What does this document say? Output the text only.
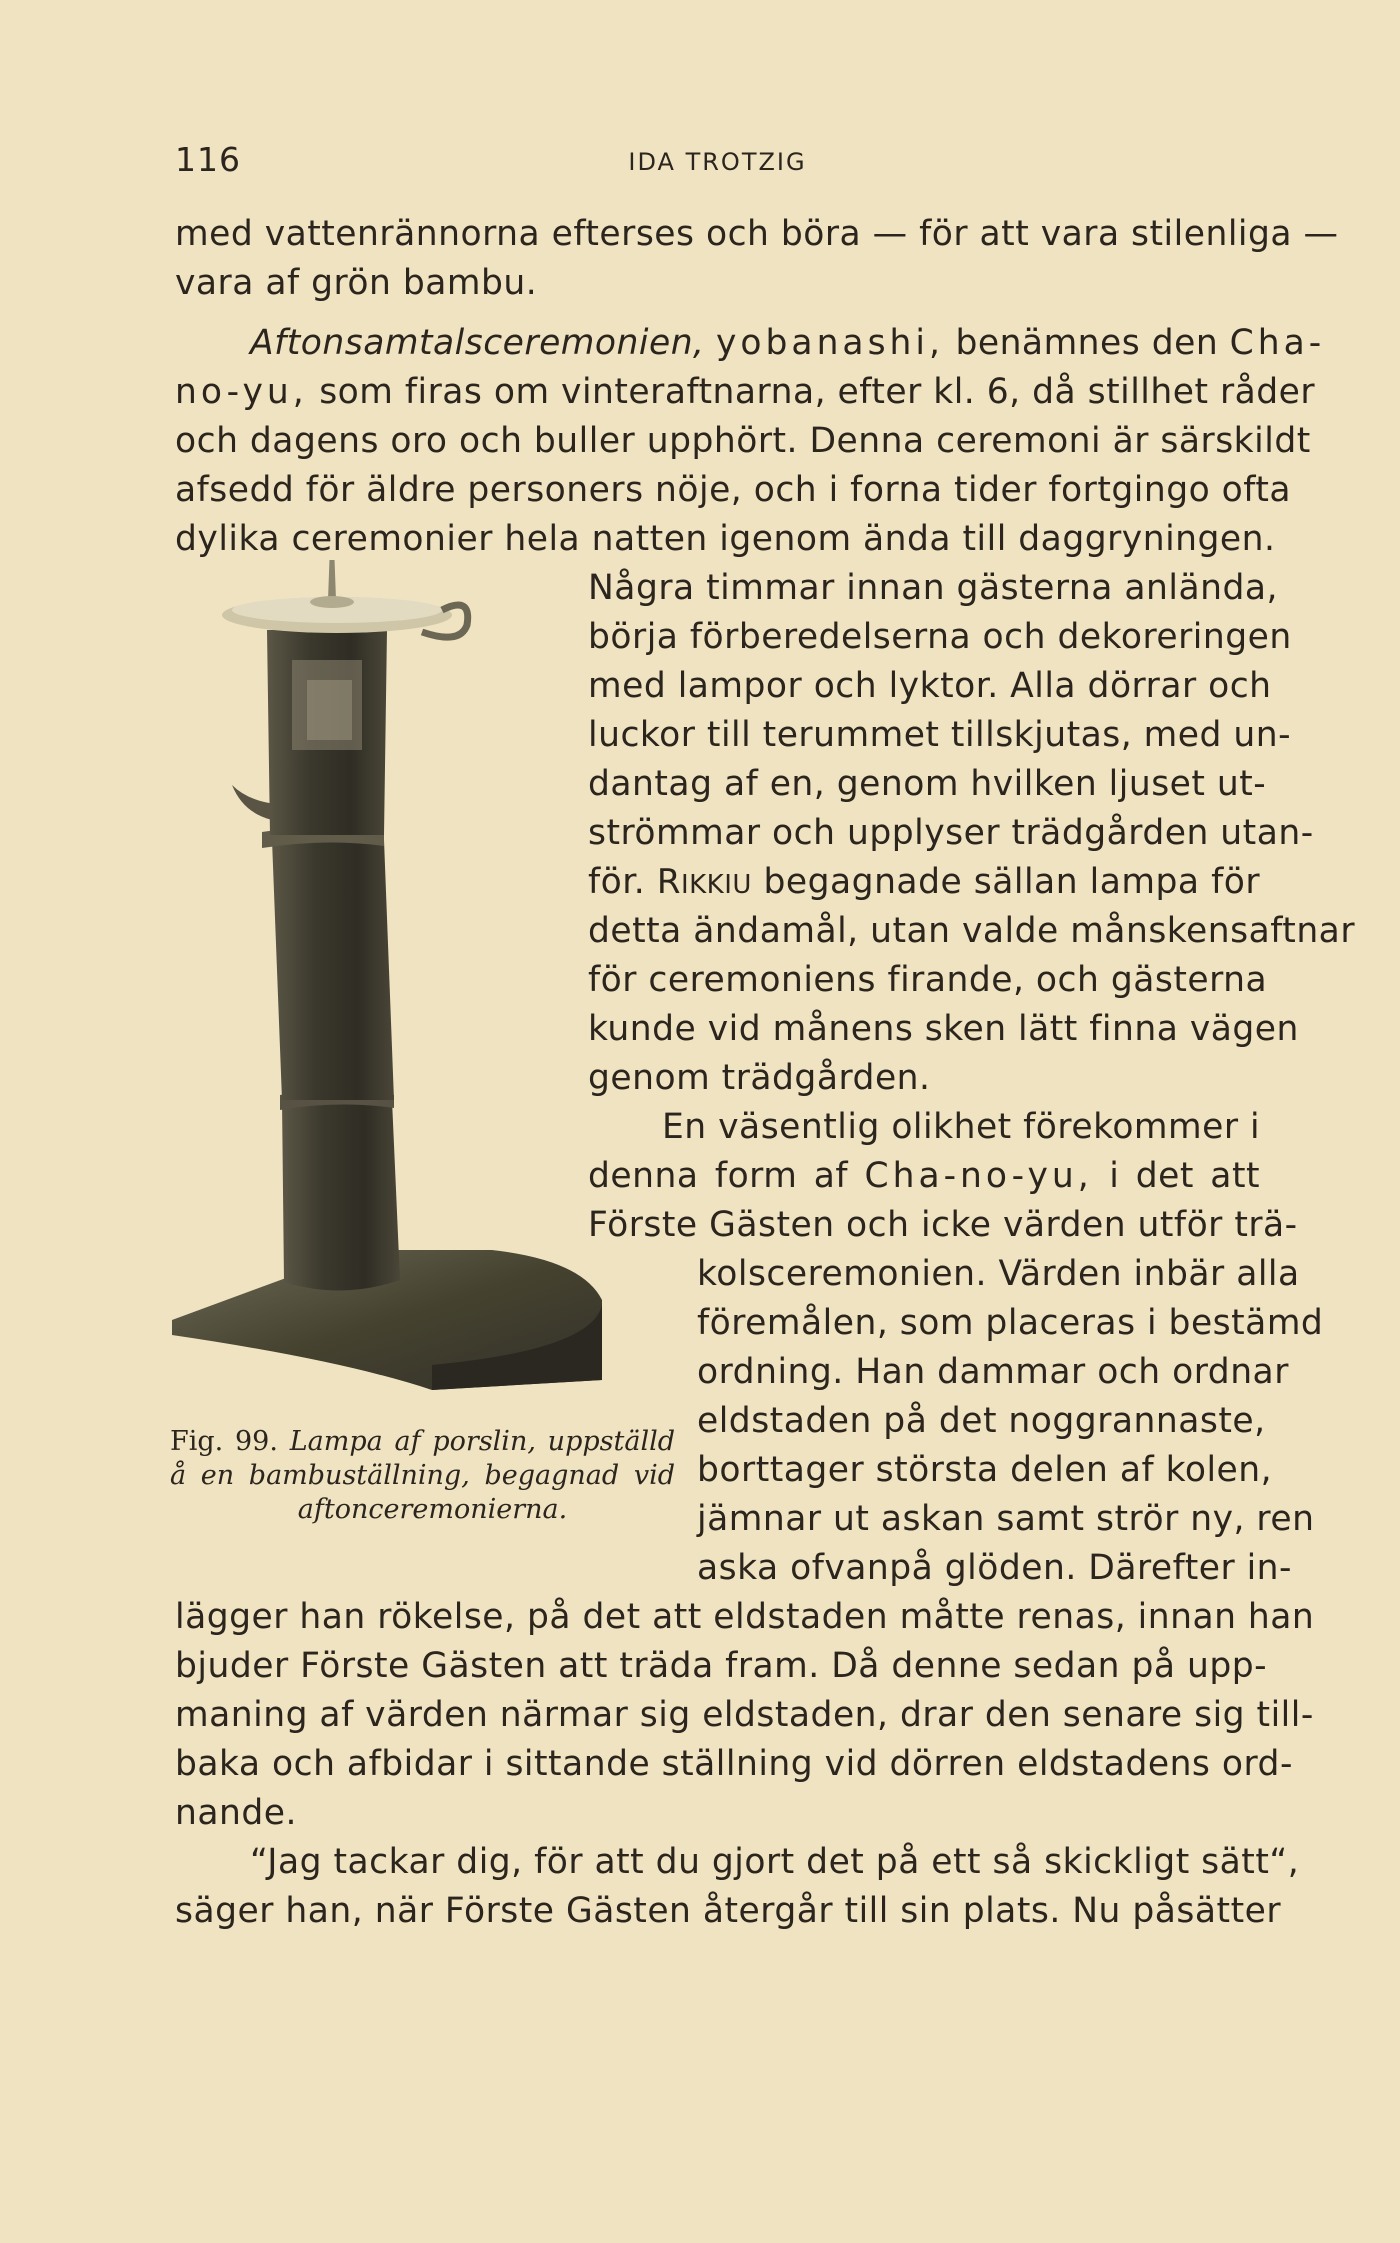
116	IDA TROTZIG
med vattenrännorna efterses och böra — för att vara stilenliga —
vara af grön bambu.
Aftonsamtalsceremonien, yobanashi, benämnes den Cha-
no-yu, som firas om vinteraftnarna, efter kl. 6, då stillhet råder
och dagens oro och buller upphört. Denna ceremoni är särskildt
afsedd för äldre personers nöje, och i forna tider fortgingo ofta
dylika ceremonier hela natten igenom ända till daggryningen.
Några timmar innan gästerna anlända,
börja förberedelserna och dekoreringen
med lampor och lyktor. Alla dörrar och
luckor till terummet tillskjutas, med un-
dantag af en, genom hvilken ljuset ut-
strömmar och upplyser trädgården utan-
för. RIKKIU begagnade sällan lampa för
detta ändamål, utan valde månskensaftnar
för ceremoniens firande, och gästerna
kunde vid månens sken lätt finna vägen
genom trädgården.
En väsentlig olikhet förekommer i
denna form af Cha-no-yu, i det att
Förste Gästen och icke värden utför trä-
kolsceremonien. Värden inbär alla
föremålen, som placeras i bestämd
ordning. Han dammar och ordnar
eldstaden på det noggrannaste,
borttager största delen af kolen,
jämnar ut askan samt strör ny, ren
aska ofvanpå glöden. Därefter in-
lägger han rökelse, på det att eldstaden måtte renas, innan han
bjuder Förste Gästen att träda fram. Då denne sedan på upp-
maning af värden närmar sig eldstaden, drar den senare sig till-
baka och afbidar i sittande ställning vid dörren eldstadens ord-
nande.
“Jag tackar dig, för att du gjort det på ett så skickligt sätt“,
säger han, när Förste Gästen återgår till sin plats. Nu påsätter
Fig. 99. Lampa af porslin, uppställd
å en bambuställning, begagnad vid
aftonceremonierna.
